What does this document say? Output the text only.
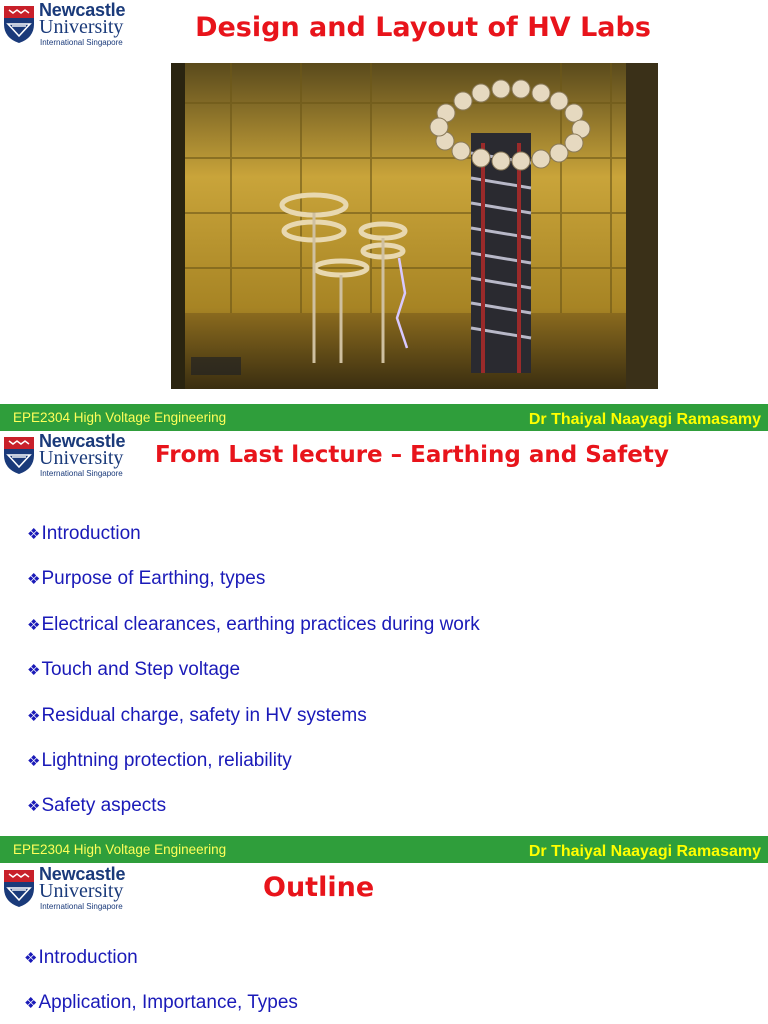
Newcastle
University
International Singapore	Design and Layout of HV Labs
EPE2304 High Voltage Engineering	Dr Thaiyal Naayagi Ramasamy
Newcastle
University
International Singapore
From Last lecture – Earthing and Safety
❖Introduction
❖Purpose of Earthing, types
❖Electrical clearances, earthing practices during work
❖Touch and Step voltage
❖Residual charge, safety in HV systems
❖Lightning protection, reliability
❖Safety aspects
EPE2304 High Voltage Engineering	Dr Thaiyal Naayagi Ramasamy
Newcastle
University
International Singapore
Outline
❖Introduction
❖Application, Importance, Types
